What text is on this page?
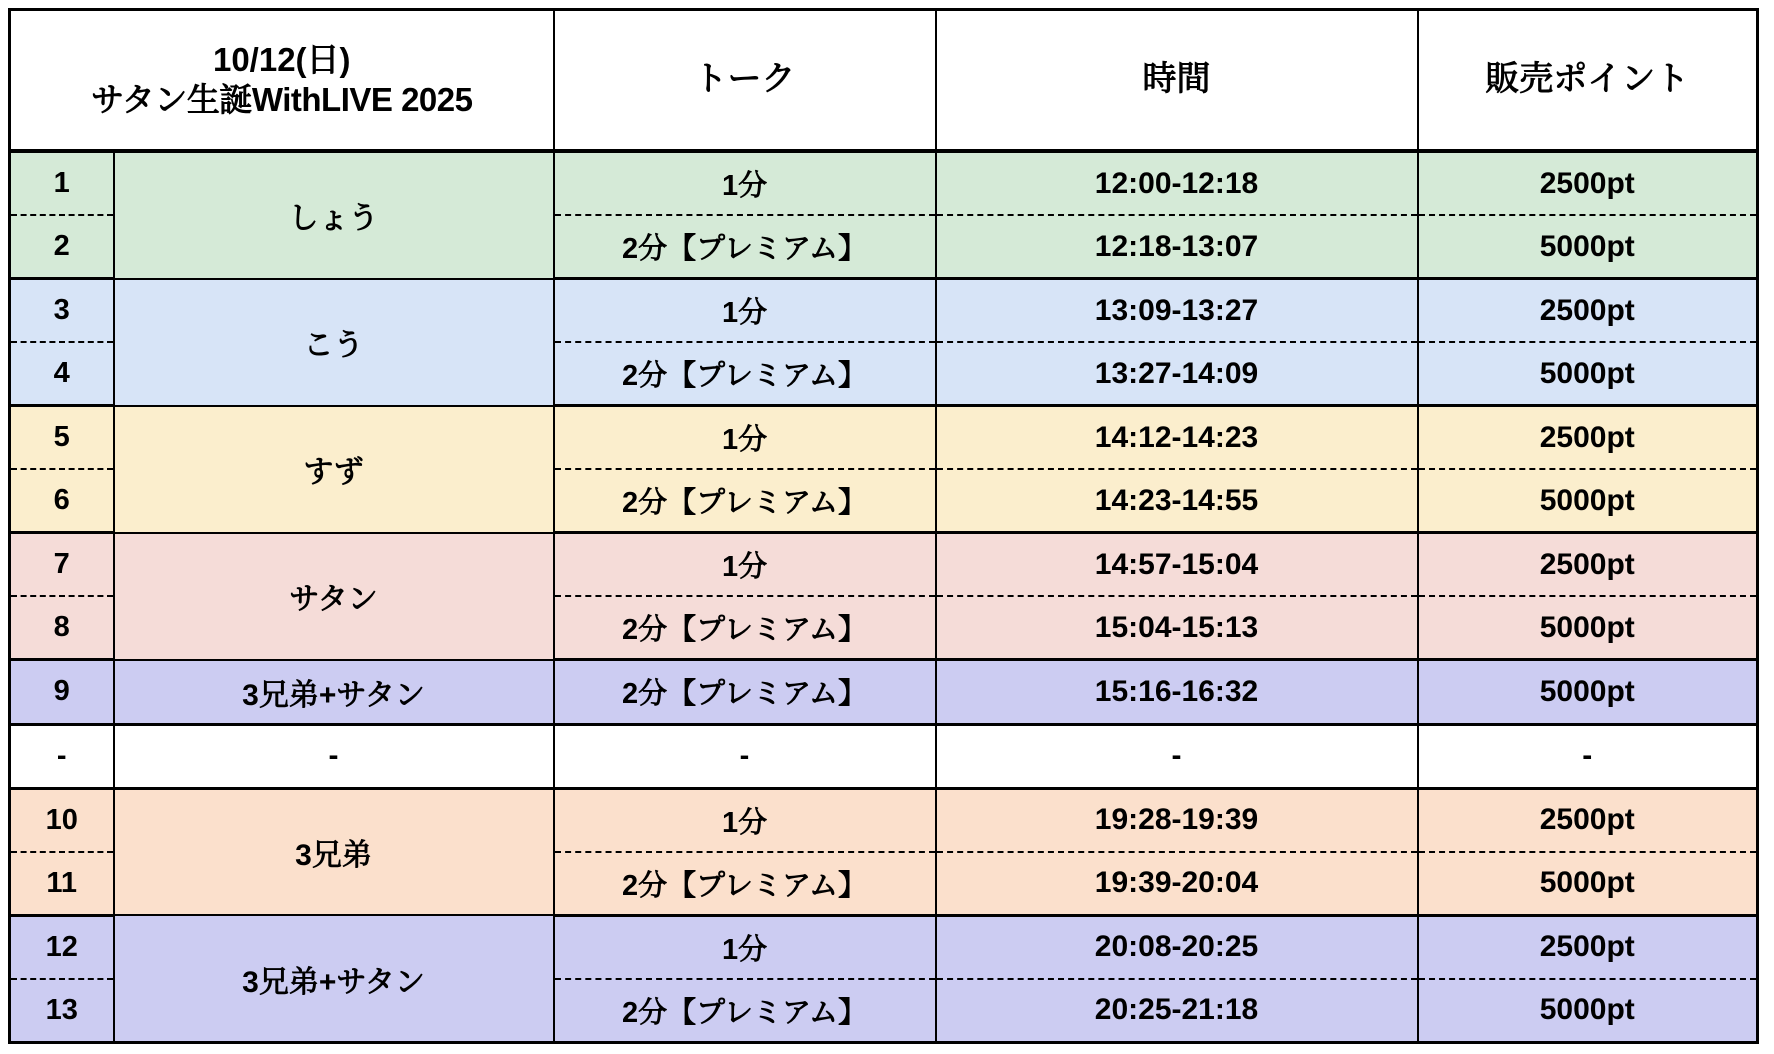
10/12(日)
サタン生誕WithLIVE 2025		トーク	時間	販売ポイント
1	しょう	1分	12:00-12:18	2500pt
2		2分【プレミアム】	12:18-13:07	5000pt
3	こう	1分	13:09-13:27	2500pt
4		2分【プレミアム】	13:27-14:09	5000pt
5	すず	1分	14:12-14:23	2500pt
6		2分【プレミアム】	14:23-14:55	5000pt
7	サタン	1分	14:57-15:04	2500pt
8		2分【プレミアム】	15:04-15:13	5000pt
9	3兄弟+サタン	2分【プレミアム】	15:16-16:32	5000pt
-	-	-	-	-
10	3兄弟	1分	19:28-19:39	2500pt
11		2分【プレミアム】	19:39-20:04	5000pt
12	3兄弟+サタン	1分	20:08-20:25	2500pt
13		2分【プレミアム】	20:25-21:18	5000pt
